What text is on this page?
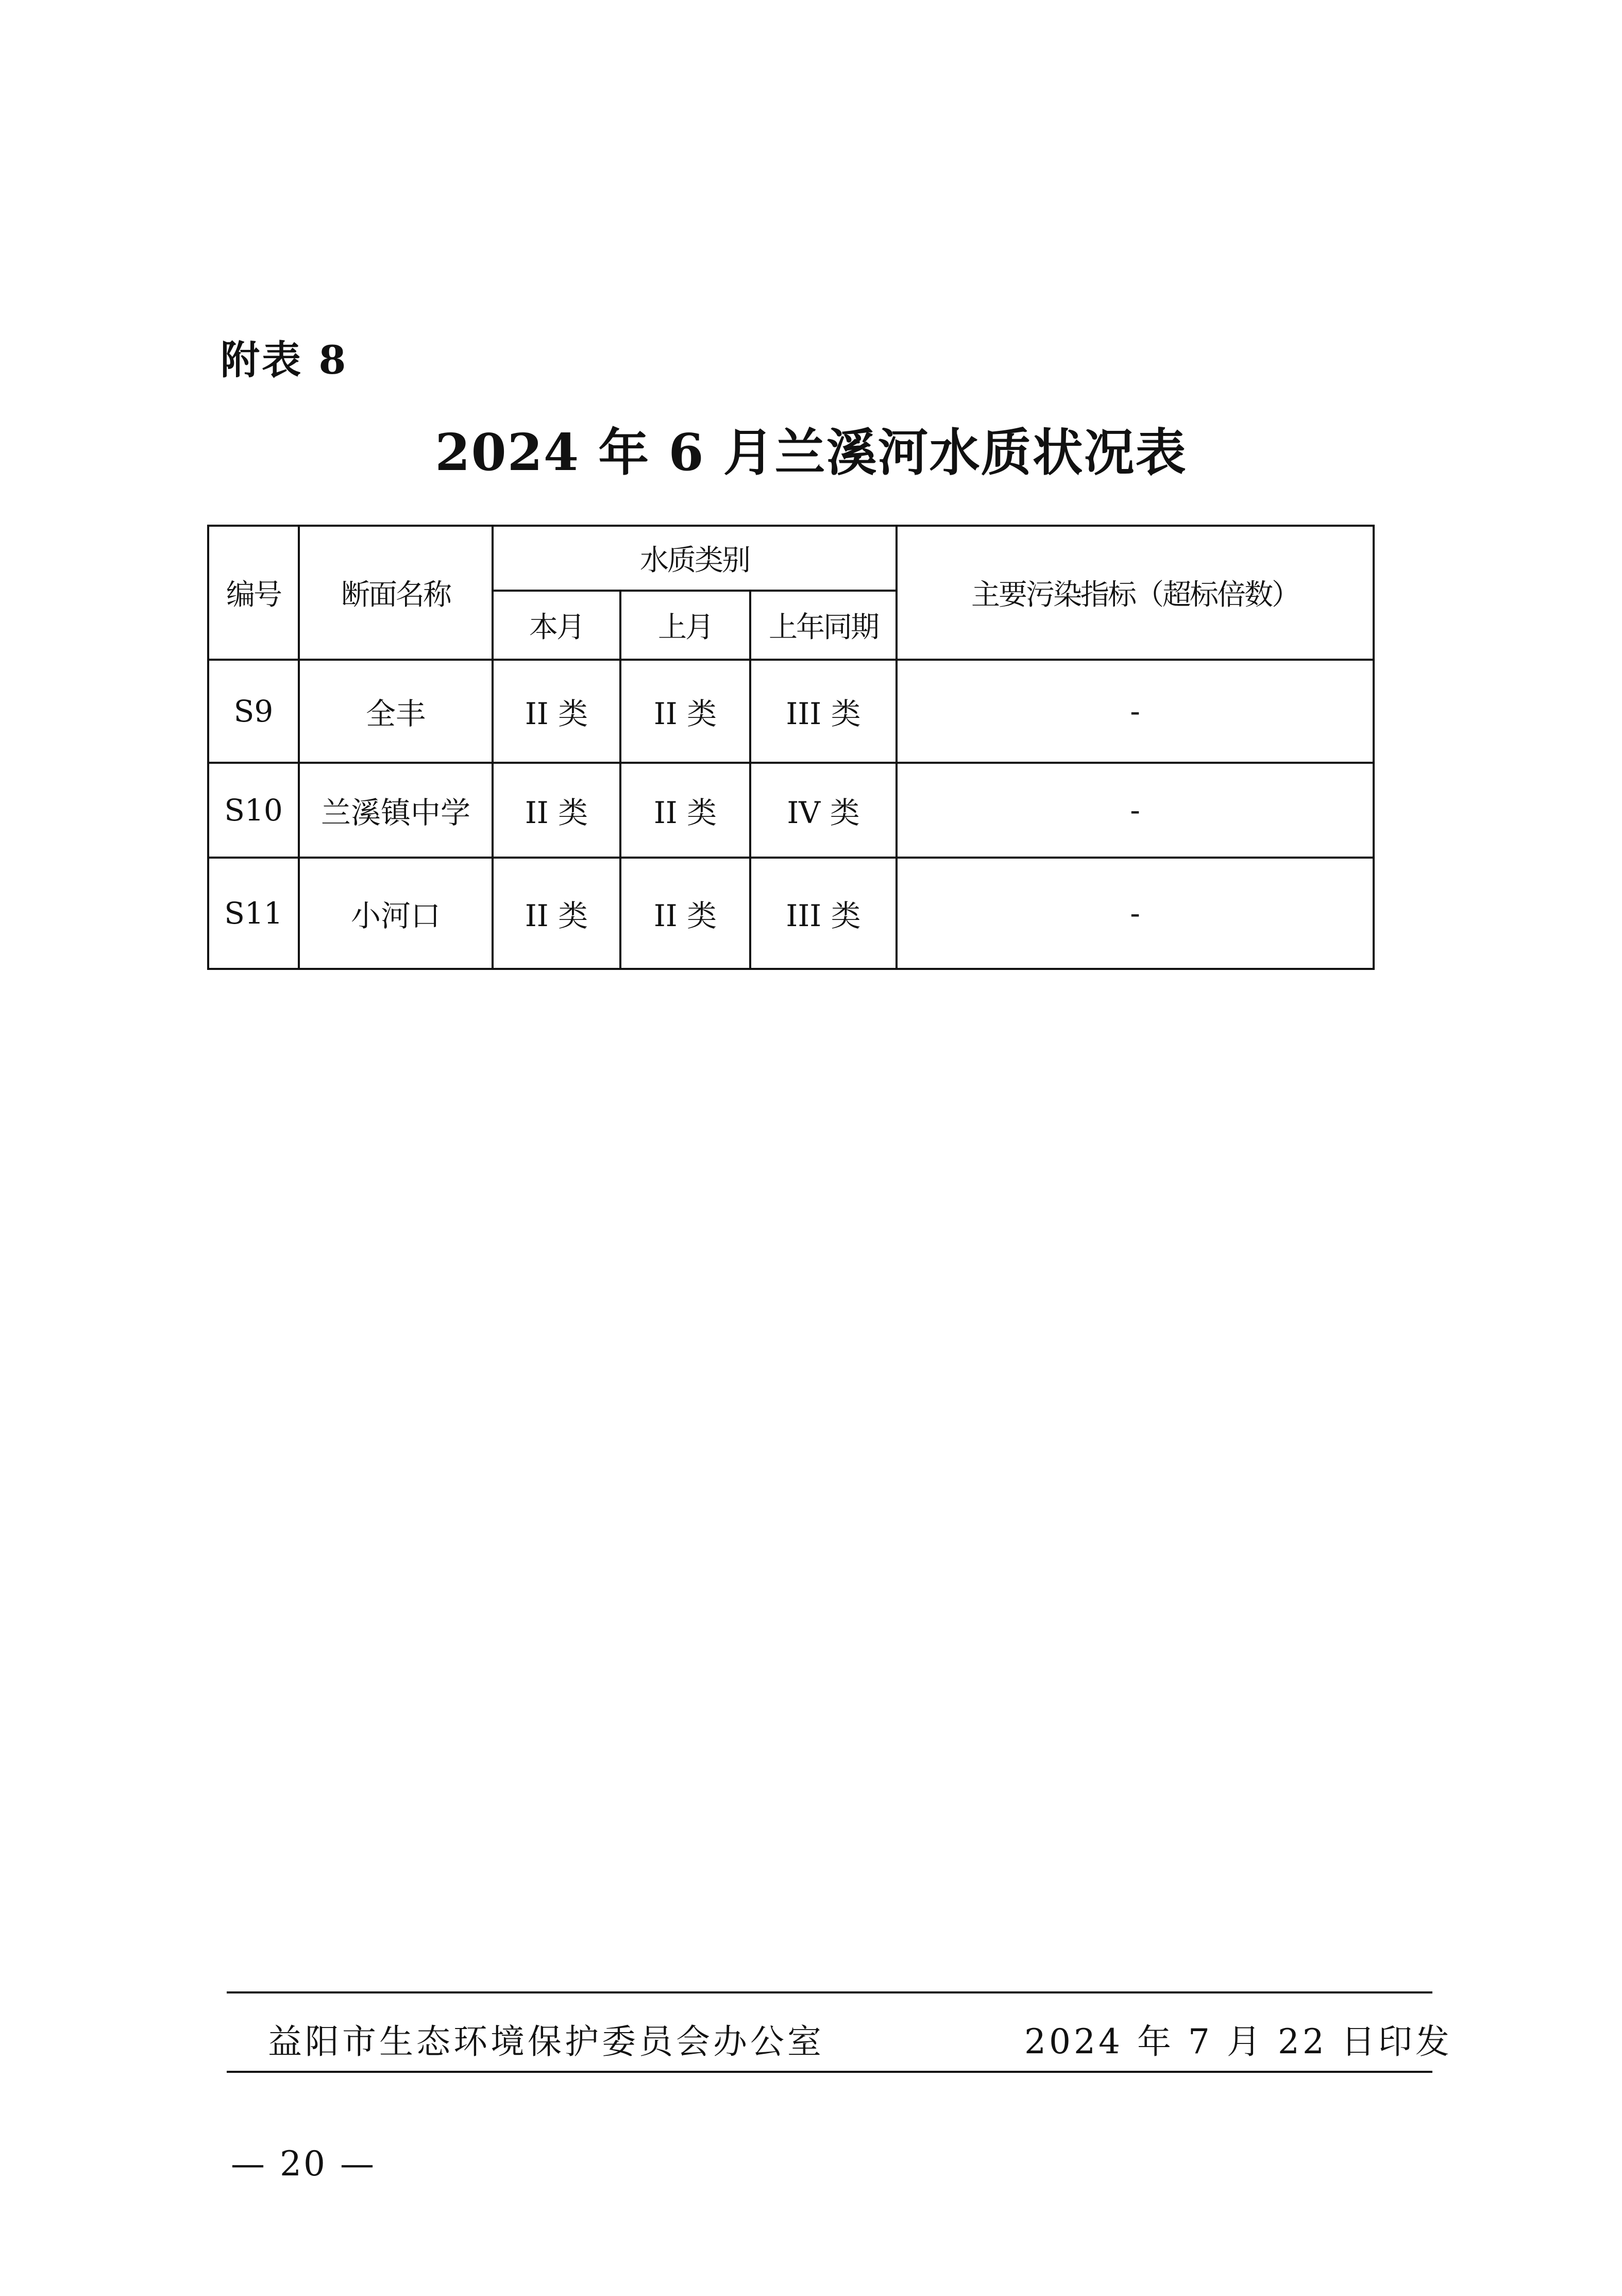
附表 8
2024 年 6 月兰溪河水质状况表
编号	断面名称	水质类别			主要污染指标（超标倍数）
		本月	上月	上年同期	
S9	全丰	II 类	II 类	III 类	-
S10	兰溪镇中学	II 类	II 类	IV 类	-
S11	小河口	II 类	II 类	III 类	-
益阳市生态环境保护委员会办公室	2024 年 7 月 22 日印发
— 20 —
